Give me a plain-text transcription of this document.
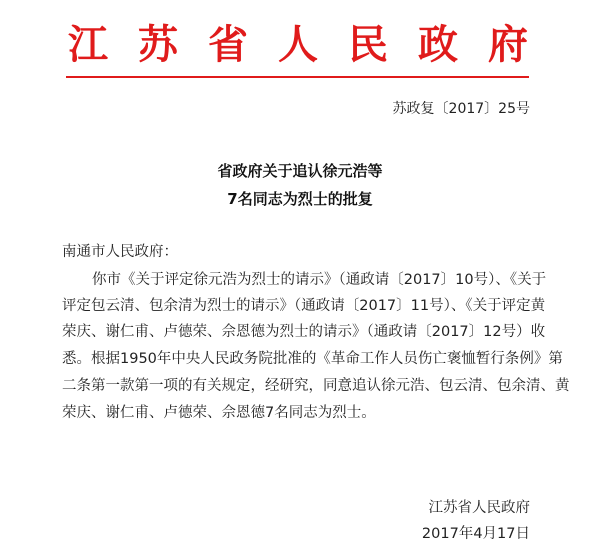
江 苏 省 人 民 政 府
苏政复〔2017〕25号
省政府关于追认徐元浩等
7名同志为烈士的批复
南通市人民政府：
你市《关于评定徐元浩为烈士的请示》（通政请〔2017〕10号）、《关于
评定包云清、包余清为烈士的请示》（通政请〔2017〕11号）、《关于评定黄
荣庆、谢仁甫、卢德荣、佘恩德为烈士的请示》（通政请〔2017〕12号）收
悉。根据1950年中央人民政务院批准的《革命工作人员伤亡褒恤暂行条例》第
二条第一款第一项的有关规定，经研究，同意追认徐元浩、包云清、包余清、黄
荣庆、谢仁甫、卢德荣、佘恩德7名同志为烈士。
江苏省人民政府
2017年4月17日
